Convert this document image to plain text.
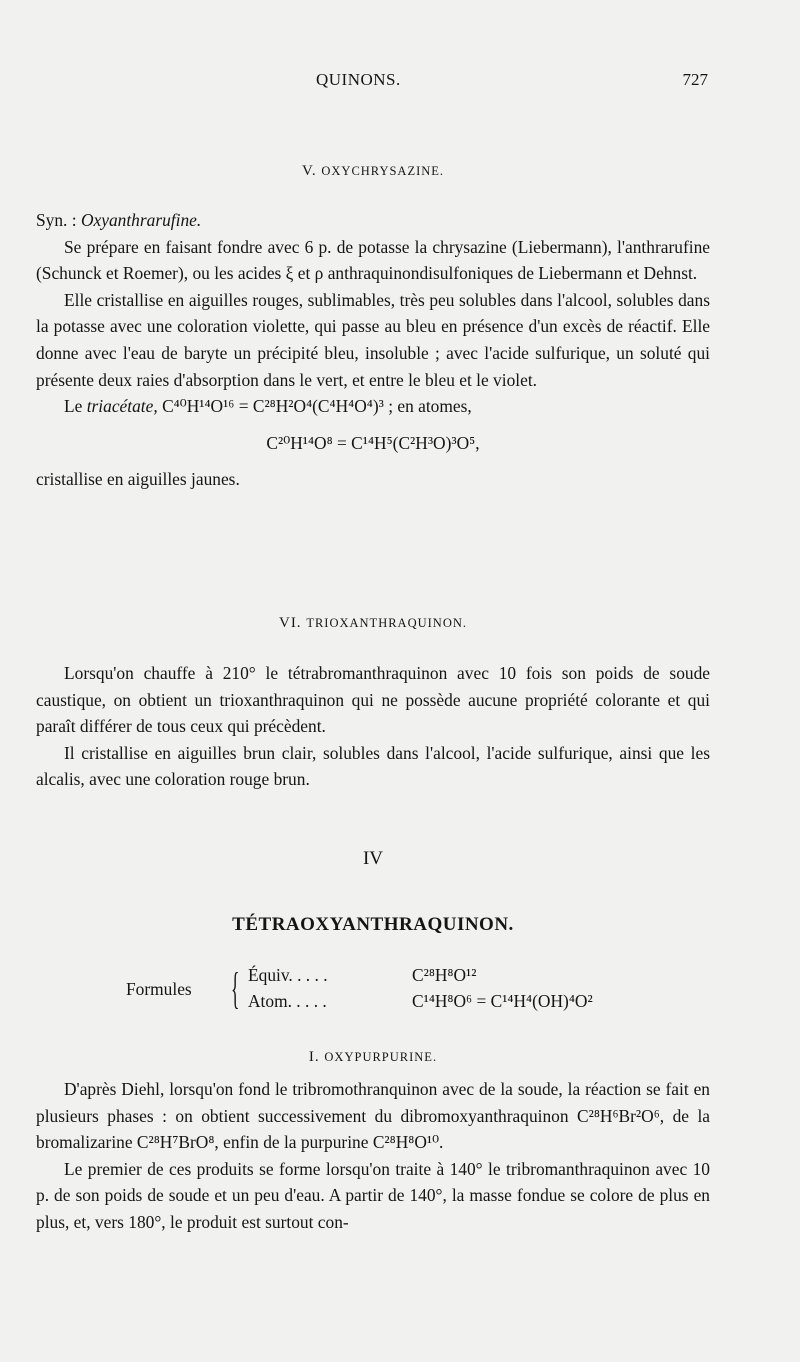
QUINONS.	727
V. OXYCHRYSAZINE.

Syn. : Oxyanthrarufine.

Se prépare en faisant fondre avec 6 p. de potasse la chrysazine (Liebermann), l'anthrarufine (Schunck et Roemer), ou les acides ξ et ρ anthraquinondisulfoniques de Liebermann et Dehnst.

Elle cristallise en aiguilles rouges, sublimables, très peu solubles dans l'alcool, solubles dans la potasse avec une coloration violette, qui passe au bleu en présence d'un excès de réactif. Elle donne avec l'eau de baryte un précipité bleu, insoluble ; avec l'acide sulfurique, un soluté qui présente deux raies d'absorption dans le vert, et entre le bleu et le violet.

Le triacétate, C⁴⁰H¹⁴O¹⁶ = C²⁸H²O⁴(C⁴H⁴O⁴)³ ; en atomes,

C²⁰H¹⁴O⁸ = C¹⁴H⁵(C²H³O)³O⁵,

cristallise en aiguilles jaunes.

VI. TRIOXANTHRAQUINON.

Lorsqu'on chauffe à 210° le tétrabromanthraquinon avec 10 fois son poids de soude caustique, on obtient un trioxanthraquinon qui ne possède aucune propriété colorante et qui paraît différer de tous ceux qui précèdent.

Il cristallise en aiguilles brun clair, solubles dans l'alcool, l'acide sulfurique, ainsi que les alcalis, avec une coloration rouge brun.

IV
TÉTRAOXYANTHRAQUINON.
Formules { Équiv. . . . .	C²⁸H⁸O¹²
Atom. . . . .	C¹⁴H⁸O⁶ = C¹⁴H⁴(OH)⁴O²
I. OXYPURPURINE.

D'après Diehl, lorsqu'on fond le tribromothranquinon avec de la soude, la réaction se fait en plusieurs phases : on obtient successivement du dibromoxyanthraquinon C²⁸H⁶Br²O⁶, de la bromalizarine C²⁸H⁷BrO⁸, enfin de la purpurine C²⁸H⁸O¹⁰.

Le premier de ces produits se forme lorsqu'on traite à 140° le tribromanthraquinon avec 10 p. de son poids de soude et un peu d'eau. A partir de 140°, la masse fondue se colore de plus en plus, et, vers 180°, le produit est surtout con-
